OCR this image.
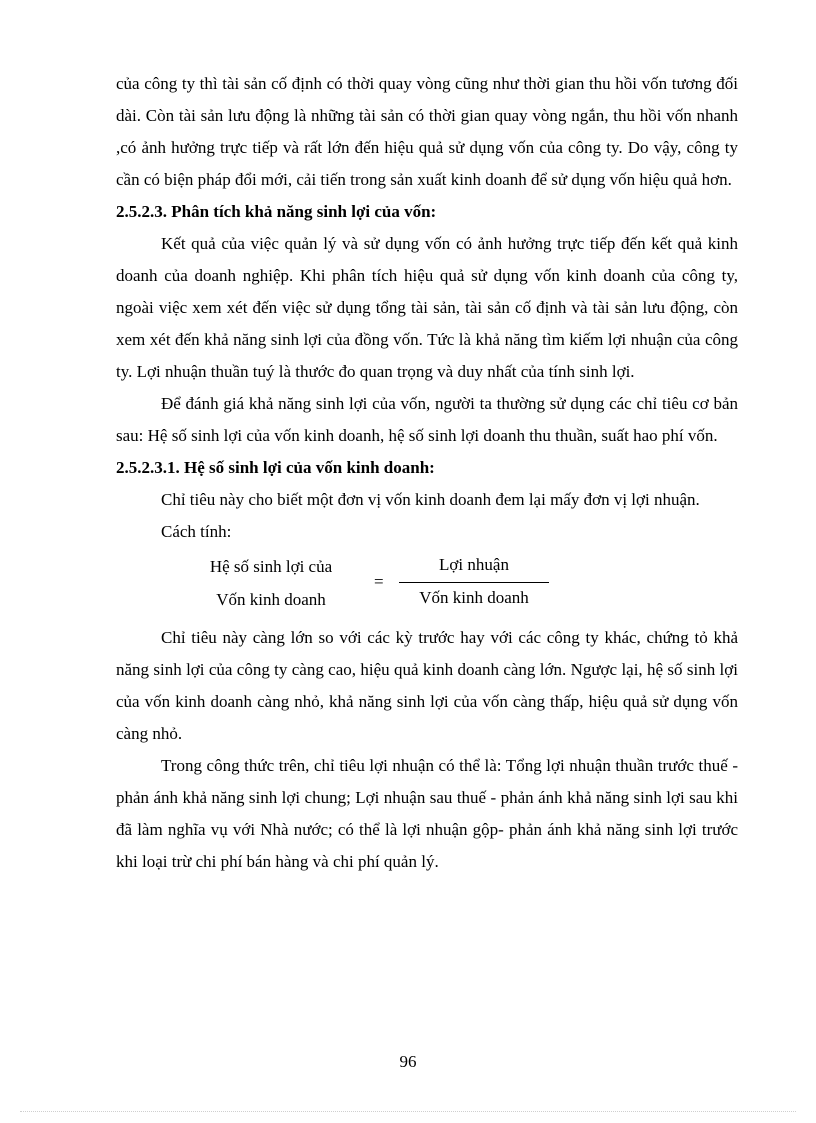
của công ty thì tài sản cố định có thời quay vòng cũng như thời gian thu hồi vốn tương đối dài. Còn tài sản lưu động là những tài sản có thời gian quay vòng ngắn, thu hồi vốn nhanh ,có ảnh hưởng trực tiếp và rất lớn đến hiệu quả sử dụng vốn của công ty. Do vậy, công ty cần có biện pháp đổi mới, cải tiến trong sản xuất kinh doanh để sử dụng vốn hiệu quả hơn.

2.5.2.3. Phân tích khả năng sinh lợi của vốn:

Kết quả của việc quản lý và sử dụng vốn có ảnh hưởng trực tiếp đến kết quả kinh doanh của doanh nghiệp. Khi phân tích hiệu quả sử dụng vốn kinh doanh của công ty, ngoài việc xem xét đến việc sử dụng tổng tài sản, tài sản cố định và tài sản lưu động, còn xem xét đến khả năng sinh lợi của đồng vốn. Tức là khả năng tìm kiếm lợi nhuận của công ty. Lợi nhuận thuần tuý là thước đo quan trọng và duy nhất của tính sinh lợi.

Để đánh giá khả năng sinh lợi của vốn, người ta thường sử dụng các chỉ tiêu cơ bản sau: Hệ số sinh lợi của vốn kinh doanh, hệ số sinh lợi doanh thu thuần, suất hao phí vốn.

2.5.2.3.1. Hệ số sinh lợi của vốn kinh doanh:

Chỉ tiêu này cho biết một đơn vị vốn kinh doanh đem lại mấy đơn vị lợi nhuận.

Cách tính:

Hệ số sinh lợi của
Vốn kinh doanh
=
Lợi nhuận
Vốn kinh doanh

Chỉ tiêu này càng lớn so với các kỳ trước hay với các công ty khác, chứng tỏ khả năng sinh lợi của công ty càng cao, hiệu quả kinh doanh càng lớn. Ngược lại, hệ số sinh lợi của vốn kinh doanh càng nhỏ, khả năng sinh lợi của vốn càng thấp, hiệu quả sử dụng vốn càng nhỏ.

Trong công thức trên, chỉ tiêu lợi nhuận có thể là: Tổng lợi nhuận thuần trước thuế - phản ánh khả năng sinh lợi chung; Lợi nhuận sau thuế - phản ánh khả năng sinh lợi sau khi đã làm nghĩa vụ với Nhà nước; có thể là lợi nhuận gộp- phản ánh khả năng sinh lợi trước khi loại trừ chi phí bán hàng và chi phí quản lý.

96
